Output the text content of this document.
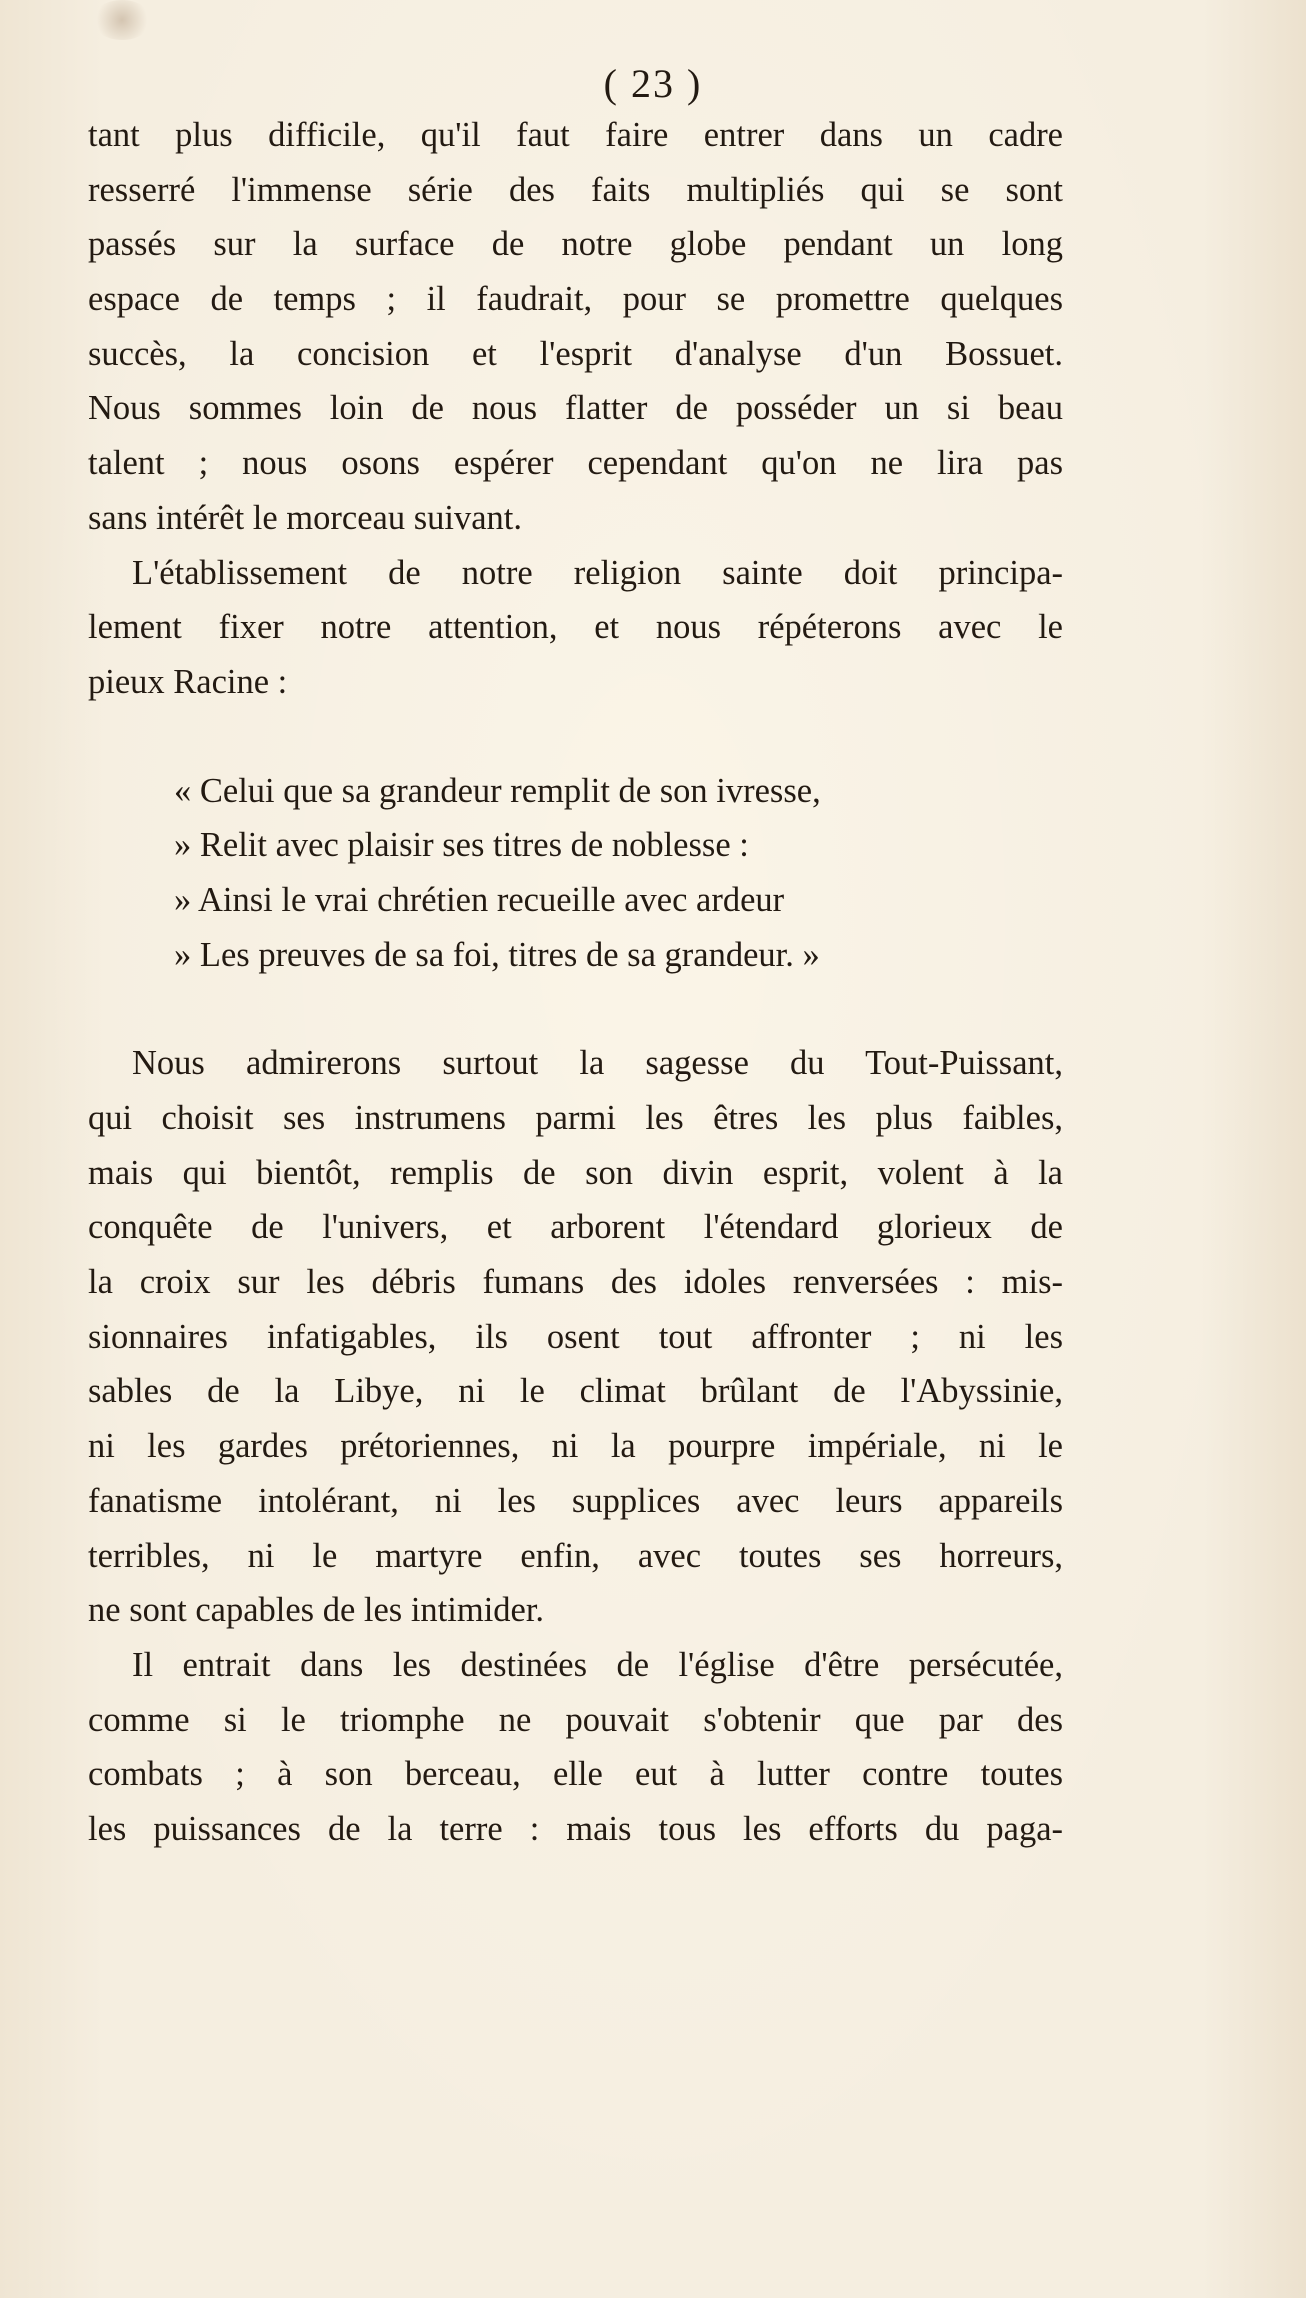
( 23 )
tant plus difficile, qu'il faut faire entrer dans un cadre
resserré l'immense série des faits multipliés qui se sont
passés sur la surface de notre globe pendant un long
espace de temps ; il faudrait, pour se promettre quelques
succès, la concision et l'esprit d'analyse d'un Bossuet.
Nous sommes loin de nous flatter de posséder un si beau
talent ; nous osons espérer cependant qu'on ne lira pas
sans intérêt le morceau suivant.
L'établissement de notre religion sainte doit principa-
lement fixer notre attention, et nous répéterons avec le
pieux Racine :
« Celui que sa grandeur remplit de son ivresse,
» Relit avec plaisir ses titres de noblesse :
» Ainsi le vrai chrétien recueille avec ardeur
» Les preuves de sa foi, titres de sa grandeur. »
Nous admirerons surtout la sagesse du Tout-Puissant,
qui choisit ses instrumens parmi les êtres les plus faibles,
mais qui bientôt, remplis de son divin esprit, volent à la
conquête de l'univers, et arborent l'étendard glorieux de
la croix sur les débris fumans des idoles renversées : mis-
sionnaires infatigables, ils osent tout affronter ; ni les
sables de la Libye, ni le climat brûlant de l'Abyssinie,
ni les gardes prétoriennes, ni la pourpre impériale, ni le
fanatisme intolérant, ni les supplices avec leurs appareils
terribles, ni le martyre enfin, avec toutes ses horreurs,
ne sont capables de les intimider.
Il entrait dans les destinées de l'église d'être persécutée,
comme si le triomphe ne pouvait s'obtenir que par des
combats ; à son berceau, elle eut à lutter contre toutes
les puissances de la terre : mais tous les efforts du paga-
